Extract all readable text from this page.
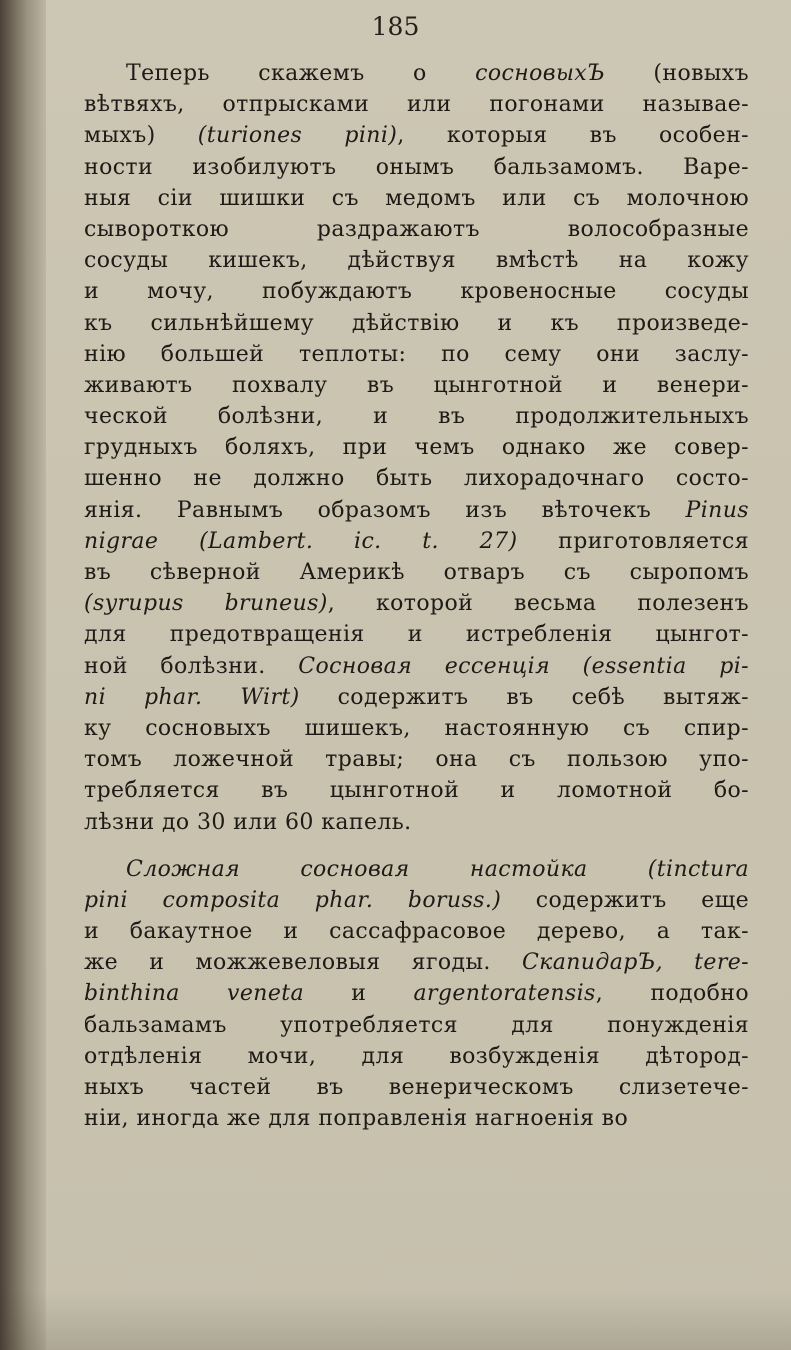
185
Теперь скажемъ о сосновыхЪ (новыхъ
вѣтвяхъ, отпрысками или погонами называе-
мыхъ) (turiones pini), которыя въ особен-
ности изобилуютъ онымъ бальзамомъ. Варе-
ныя сіи шишки съ медомъ или съ молочною
сывороткою раздражаютъ волособразные
сосуды кишекъ, дѣйствуя вмѣстѣ на кожу
и мочу, побуждаютъ кровеносные сосуды
къ сильнѣйшему дѣйствію и къ произведе-
нію большей теплоты: по сему они заслу-
живаютъ похвалу въ цынготной и венери-
ческой болѣзни, и въ продолжительныхъ
грудныхъ боляхъ, при чемъ однако же совер-
шенно не должно быть лихорадочнаго состо-
янія. Равнымъ образомъ изъ вѣточекъ Pinus
nigrae (Lambert. ic. t. 27) приготовляется
въ сѣверной Америкѣ отваръ съ сыропомъ
(syrupus bruneus), которой весьма полезенъ
для предотвращенія и истребленія цынгот-
ной болѣзни. Сосновая ессенція (essentia pi-
ni phar. Wirt) содержитъ въ себѣ вытяж-
ку сосновыхъ шишекъ, настоянную съ спир-
томъ ложечной травы; она съ пользою упо-
требляется въ цынготной и ломотной бо-
лѣзни до 30 или 60 капель.
Сложная сосновая настойка (tinctura
pini composita phar. boruss.) содержитъ еще
и бакаутное и сассафрасовое дерево, а так-
же и можжевеловыя ягоды. СкапидарЪ, tere-
binthina veneta и argentoratensis, подобно
бальзамамъ употребляется для понужденія
отдѣленія мочи, для возбужденія дѣтород-
ныхъ частей въ венерическомъ слизетече-
ніи, иногда же для поправленія нагноенія во
